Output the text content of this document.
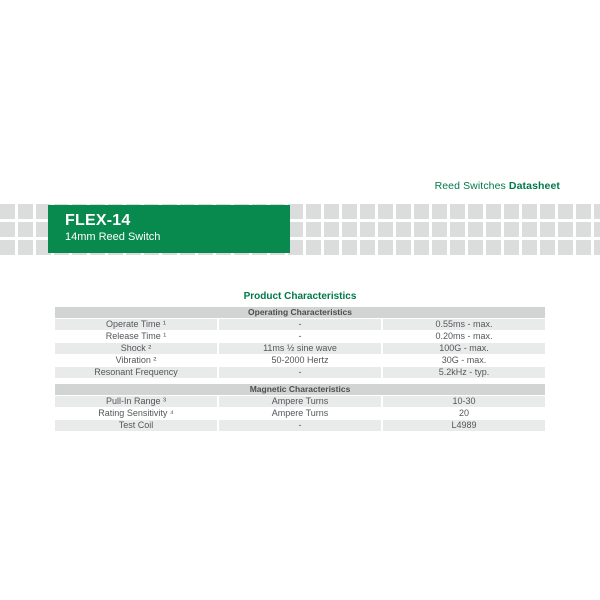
Reed Switches Datasheet
FLEX-14
14mm Reed Switch
Product Characteristics
Operating Characteristics
Operate Time ¹	-	0.55ms - max.
Release Time ¹	-	0.20ms - max.
Shock ²	11ms ½ sine wave	100G - max.
Vibration ²	50-2000 Hertz	30G - max.
Resonant Frequency	-	5.2kHz - typ.
Magnetic Characteristics
Pull-In Range ³	Ampere Turns	10-30
Rating Sensitivity ⁴	Ampere Turns	20
Test Coil	-	L4989
